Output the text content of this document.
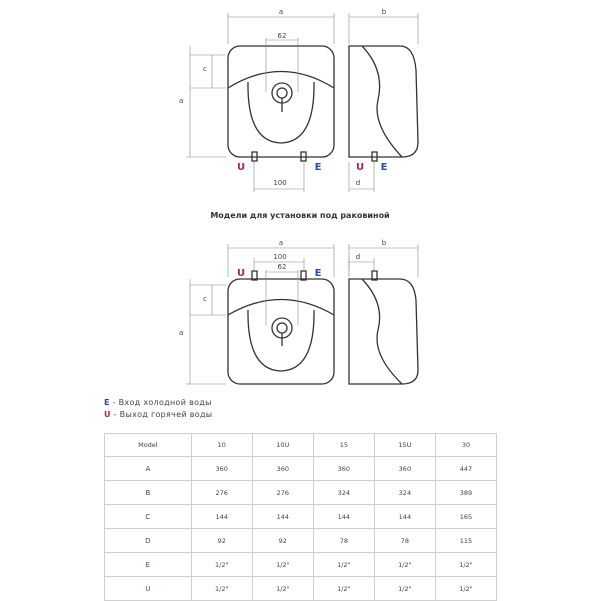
a
62
c
a
100
U	E
b
d
U E
a
100
62
c
a
U	E
b
d
Модели для установки под раковиной
E - Вход холодной воды
U - Выход горячей воды
Model	10	10U	15	15U	30
A	360	360	360	360	447
B	276	276	324	324	389
C	144	144	144	144	165
D	92	92	78	78	115
E	1/2"	1/2"	1/2"	1/2"	1/2"
U	1/2"	1/2"	1/2"	1/2"	1/2"
